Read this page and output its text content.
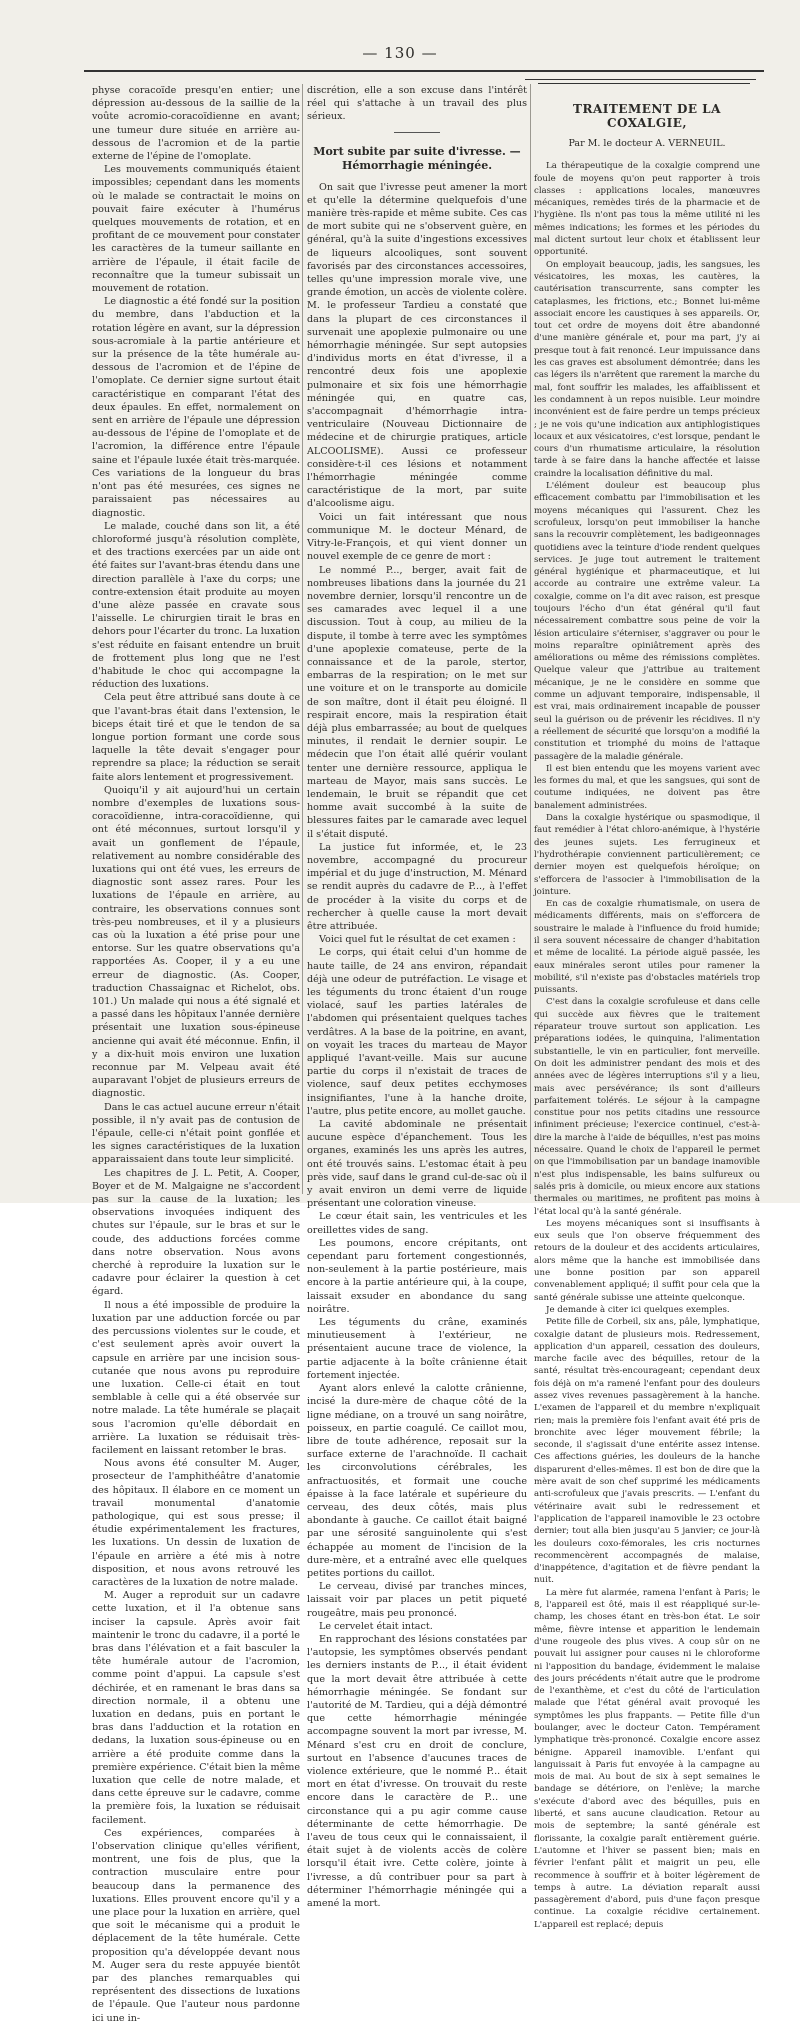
— 130 —

physe coracoïde presqu'en entier; une dépression au-dessous de la saillie de la voûte acromio-coracoïdienne en avant; une tumeur dure située en arrière au-dessous de l'acromion et de la partie externe de l'épine de l'omoplate.

Les mouvements communiqués étaient impossibles; cependant dans les moments où le malade se contractait le moins on pouvait faire exécuter à l'humérus quelques mouvements de rotation, et en profitant de ce mouvement pour constater les caractères de la tumeur saillante en arrière de l'épaule, il était facile de reconnaître que la tumeur subissait un mouvement de rotation.

Le diagnostic a été fondé sur la position du membre, dans l'abduction et la rotation légère en avant, sur la dépression sous-acromiale à la partie antérieure et sur la présence de la tête humérale au-dessous de l'acromion et de l'épine de l'omoplate. Ce dernier signe surtout était caractéristique en comparant l'état des deux épaules. En effet, normalement on sent en arrière de l'épaule une dépression au-dessous de l'épine de l'omoplate et de l'acromion, la différence entre l'épaule saine et l'épaule luxée était très-marquée. Ces variations de la longueur du bras n'ont pas été mesurées, ces signes ne paraissaient pas nécessaires au diagnostic.

Le malade, couché dans son lit, a été chloroformé jusqu'à résolution complète, et des tractions exercées par un aide ont été faites sur l'avant-bras étendu dans une direction parallèle à l'axe du corps; une contre-extension était produite au moyen d'une alèze passée en cravate sous l'aisselle. Le chirurgien tirait le bras en dehors pour l'écarter du tronc. La luxation s'est réduite en faisant entendre un bruit de frottement plus long que ne l'est d'habitude le choc qui accompagne la réduction des luxations.

Cela peut être attribué sans doute à ce que l'avant-bras était dans l'extension, le biceps était tiré et que le tendon de sa longue portion formant une corde sous laquelle la tête devait s'engager pour reprendre sa place; la réduction se serait faite alors lentement et progressivement.

Quoiqu'il y ait aujourd'hui un certain nombre d'exemples de luxations sous-coracoïdienne, intra-coracoïdienne, qui ont été méconnues, surtout lorsqu'il y avait un gonflement de l'épaule, relativement au nombre considérable des luxations qui ont été vues, les erreurs de diagnostic sont assez rares. Pour les luxations de l'épaule en arrière, au contraire, les observations connues sont très-peu nombreuses, et il y a plusieurs cas où la luxation a été prise pour une entorse. Sur les quatre observations qu'a rapportées As. Cooper, il y a eu une erreur de diagnostic. (As. Cooper, traduction Chassaignac et Richelot, obs. 101.) Un malade qui nous a été signalé et a passé dans les hôpitaux l'année dernière présentait une luxation sous-épineuse ancienne qui avait été méconnue. Enfin, il y a dix-huit mois environ une luxation reconnue par M. Velpeau avait été auparavant l'objet de plusieurs erreurs de diagnostic.

Dans le cas actuel aucune erreur n'était possible, il n'y avait pas de contusion de l'épaule, celle-ci n'était point gonflée et les signes caractéristiques de la luxation apparaissaient dans toute leur simplicité.

Les chapitres de J. L. Petit, A. Cooper, Boyer et de M. Malgaigne ne s'accordent pas sur la cause de la luxation; les observations invoquées indiquent des chutes sur l'épaule, sur le bras et sur le coude, des adductions forcées comme dans notre observation. Nous avons cherché à reproduire la luxation sur le cadavre pour éclairer la question à cet égard.

Il nous a été impossible de produire la luxation par une adduction forcée ou par des percussions violentes sur le coude, et c'est seulement après avoir ouvert la capsule en arrière par une incision sous-cutanée que nous avons pu reproduire une luxation. Celle-ci était en tout semblable à celle qui a été observée sur notre malade. La tête humérale se plaçait sous l'acromion qu'elle débordait en arrière. La luxation se réduisait très-facilement en laissant retomber le bras.

Nous avons été consulter M. Auger, prosecteur de l'amphithéâtre d'anatomie des hôpitaux. Il élabore en ce moment un travail monumental d'anatomie pathologique, qui est sous presse; il étudie expérimentalement les fractures, les luxations. Un dessin de luxation de l'épaule en arrière a été mis à notre disposition, et nous avons retrouvé les caractères de la luxation de notre malade.

M. Auger a reproduit sur un cadavre cette luxation, et il l'a obtenue sans inciser la capsule. Après avoir fait maintenir le tronc du cadavre, il a porté le bras dans l'élévation et a fait basculer la tête humérale autour de l'acromion, comme point d'appui. La capsule s'est déchirée, et en ramenant le bras dans sa direction normale, il a obtenu une luxation en dedans, puis en portant le bras dans l'adduction et la rotation en dedans, la luxation sous-épineuse ou en arrière a été produite comme dans la première expérience. C'était bien la même luxation que celle de notre malade, et dans cette épreuve sur le cadavre, comme la première fois, la luxation se réduisait facilement.

Ces expériences, comparées à l'observation clinique qu'elles vérifient, montrent, une fois de plus, que la contraction musculaire entre pour beaucoup dans la permanence des luxations. Elles prouvent encore qu'il y a une place pour la luxation en arrière, quel que soit le mécanisme qui a produit le déplacement de la tête humérale. Cette proposition qu'a développée devant nous M. Auger sera du reste appuyée bientôt par des planches remarquables qui représentent des dissections de luxations de l'épaule. Que l'auteur nous pardonne ici une in-

discrétion, elle a son excuse dans l'intérêt réel qui s'attache à un travail des plus sérieux.

Mort subite par suite d'ivresse. — Hémorrhagie méningée.

On sait que l'ivresse peut amener la mort et qu'elle la détermine quelquefois d'une manière très-rapide et même subite. Ces cas de mort subite qui ne s'observent guère, en général, qu'à la suite d'ingestions excessives de liqueurs alcooliques, sont souvent favorisés par des circonstances accessoires, telles qu'une impression morale vive, une grande émotion, un accès de violente colère. M. le professeur Tardieu a constaté que dans la plupart de ces circonstances il survenait une apoplexie pulmonaire ou une hémorrhagie méningée. Sur sept autopsies d'individus morts en état d'ivresse, il a rencontré deux fois une apoplexie pulmonaire et six fois une hémorrhagie méningée qui, en quatre cas, s'accompagnait d'hémorrhagie intra-ventriculaire (Nouveau Dictionnaire de médecine et de chirurgie pratiques, article ALCOOLISME). Aussi ce professeur considère-t-il ces lésions et notamment l'hémorrhagie méningée comme caractéristique de la mort, par suite d'alcoolisme aigu.

Voici un fait intéressant que nous communique M. le docteur Ménard, de Vitry-le-François, et qui vient donner un nouvel exemple de ce genre de mort :

Le nommé P..., berger, avait fait de nombreuses libations dans la journée du 21 novembre dernier, lorsqu'il rencontre un de ses camarades avec lequel il a une discussion. Tout à coup, au milieu de la dispute, il tombe à terre avec les symptômes d'une apoplexie comateuse, perte de la connaissance et de la parole, stertor, embarras de la respiration; on le met sur une voiture et on le transporte au domicile de son maître, dont il était peu éloigné. Il respirait encore, mais la respiration était déjà plus embarrassée; au bout de quelques minutes, il rendait le dernier soupir. Le médecin que l'on était allé quérir voulant tenter une dernière ressource, appliqua le marteau de Mayor, mais sans succès. Le lendemain, le bruit se répandit que cet homme avait succombé à la suite de blessures faites par le camarade avec lequel il s'était disputé.

La justice fut informée, et, le 23 novembre, accompagné du procureur impérial et du juge d'instruction, M. Ménard se rendit auprès du cadavre de P..., à l'effet de procéder à la visite du corps et de rechercher à quelle cause la mort devait être attribuée.

Voici quel fut le résultat de cet examen :

Le corps, qui était celui d'un homme de haute taille, de 24 ans environ, répandait déjà une odeur de putréfaction. Le visage et les téguments du tronc étaient d'un rouge violacé, sauf les parties latérales de l'abdomen qui présentaient quelques taches verdâtres. A la base de la poitrine, en avant, on voyait les traces du marteau de Mayor appliqué l'avant-veille. Mais sur aucune partie du corps il n'existait de traces de violence, sauf deux petites ecchymoses insignifiantes, l'une à la hanche droite, l'autre, plus petite encore, au mollet gauche.

La cavité abdominale ne présentait aucune espèce d'épanchement. Tous les organes, examinés les uns après les autres, ont été trouvés sains. L'estomac était à peu près vide, sauf dans le grand cul-de-sac où il y avait environ un demi verre de liquide présentant une coloration vineuse.

Le cœur était sain, les ventricules et les oreillettes vides de sang.

Les poumons, encore crépitants, ont cependant paru fortement congestionnés, non-seulement à la partie postérieure, mais encore à la partie antérieure qui, à la coupe, laissait exsuder en abondance du sang noirâtre.

Les téguments du crâne, examinés minutieusement à l'extérieur, ne présentaient aucune trace de violence, la partie adjacente à la boîte crânienne était fortement injectée.

Ayant alors enlevé la calotte crânienne, incisé la dure-mère de chaque côté de la ligne médiane, on a trouvé un sang noirâtre, poisseux, en partie coagulé. Ce caillot mou, libre de toute adhérence, reposait sur la surface externe de l'arachnoïde. Il cachait les circonvolutions cérébrales, les anfractuosités, et formait une couche épaisse à la face latérale et supérieure du cerveau, des deux côtés, mais plus abondante à gauche. Ce caillot était baigné par une sérosité sanguinolente qui s'est échappée au moment de l'incision de la dure-mère, et a entraîné avec elle quelques petites portions du caillot.

Le cerveau, divisé par tranches minces, laissait voir par places un petit piqueté rougeâtre, mais peu prononcé.

Le cervelet était intact.

En rapprochant des lésions constatées par l'autopsie, les symptômes observés pendant les derniers instants de P..., il était évident que la mort devait être attribuée à cette hémorrhagie méningée. Se fondant sur l'autorité de M. Tardieu, qui a déjà démontré que cette hémorrhagie méningée accompagne souvent la mort par ivresse, M. Ménard s'est cru en droit de conclure, surtout en l'absence d'aucunes traces de violence extérieure, que le nommé P... était mort en état d'ivresse. On trouvait du reste encore dans le caractère de P... une circonstance qui a pu agir comme cause déterminante de cette hémorrhagie. De l'aveu de tous ceux qui le connaissaient, il était sujet à de violents accès de colère lorsqu'il était ivre. Cette colère, jointe à l'ivresse, a dû contribuer pour sa part à déterminer l'hémorrhagie méningée qui a amené la mort.

TRAITEMENT DE LA COXALGIE,
Par M. le docteur A. VERNEUIL.

La thérapeutique de la coxalgie comprend une foule de moyens qu'on peut rapporter à trois classes : applications locales, manœuvres mécaniques, remèdes tirés de la pharmacie et de l'hygiène. Ils n'ont pas tous la même utilité ni les mêmes indications; les formes et les périodes du mal dictent surtout leur choix et établissent leur opportunité.

On employait beaucoup, jadis, les sangsues, les vésicatoires, les moxas, les cautères, la cautérisation transcurrente, sans compter les cataplasmes, les frictions, etc.; Bonnet lui-même associait encore les caustiques à ses appareils. Or, tout cet ordre de moyens doit être abandonné d'une manière générale et, pour ma part, j'y ai presque tout à fait renoncé. Leur impuissance dans les cas graves est absolument démontrée; dans les cas légers ils n'arrêtent que rarement la marche du mal, font souffrir les malades, les affaiblissent et les condamnent à un repos nuisible. Leur moindre inconvénient est de faire perdre un temps précieux ; je ne vois qu'une indication aux antiphlogistiques locaux et aux vésicatoires, c'est lorsque, pendant le cours d'un rhumatisme articulaire, la résolution tarde à se faire dans la hanche affectée et laisse craindre la localisation définitive du mal.

L'élément douleur est beaucoup plus efficacement combattu par l'immobilisation et les moyens mécaniques qui l'assurent. Chez les scrofuleux, lorsqu'on peut immobiliser la hanche sans la recouvrir complètement, les badigeonnages quotidiens avec la teinture d'iode rendent quelques services. Je juge tout autrement le traitement général hygiénique et pharmaceutique, et lui accorde au contraire une extrême valeur. La coxalgie, comme on l'a dit avec raison, est presque toujours l'écho d'un état général qu'il faut nécessairement combattre sous peine de voir la lésion articulaire s'éterniser, s'aggraver ou pour le moins reparaître opiniâtrement après des améliorations ou même des rémissions complètes. Quelque valeur que j'attribue au traitement mécanique, je ne le considère en somme que comme un adjuvant temporaire, indispensable, il est vrai, mais ordinairement incapable de pousser seul la guérison ou de prévenir les récidives. Il n'y a réellement de sécurité que lorsqu'on a modifié la constitution et triomphé du moins de l'attaque passagère de la maladie générale.

Il est bien entendu que les moyens varient avec les formes du mal, et que les sangsues, qui sont de coutume indiquées, ne doivent pas être banalement administrées.

Dans la coxalgie hystérique ou spasmodique, il faut remédier à l'état chloro-anémique, à l'hystérie des jeunes sujets. Les ferrugineux et l'hydrothérapie conviennent particulièrement; ce dernier moyen est quelquefois héroïque; on s'efforcera de l'associer à l'immobilisation de la jointure.

En cas de coxalgie rhumatismale, on usera de médicaments différents, mais on s'efforcera de soustraire le malade à l'influence du froid humide; il sera souvent nécessaire de changer d'habitation et même de localité. La période aiguë passée, les eaux minérales seront utiles pour ramener la mobilité, s'il n'existe pas d'obstacles matériels trop puissants.

C'est dans la coxalgie scrofuleuse et dans celle qui succède aux fièvres que le traitement réparateur trouve surtout son application. Les préparations iodées, le quinquina, l'alimentation substantielle, le vin en particulier, font merveille. On doit les administrer pendant des mois et des années avec de légères interruptions s'il y a lieu, mais avec persévérance; ils sont d'ailleurs parfaitement tolérés. Le séjour à la campagne constitue pour nos petits citadins une ressource infiniment précieuse; l'exercice continuel, c'est-à-dire la marche à l'aide de béquilles, n'est pas moins nécessaire. Quand le choix de l'appareil le permet on que l'immobilisation par un bandage inamovible n'est plus indispensable, les bains sulfureux ou salés pris à domicile, ou mieux encore aux stations thermales ou maritimes, ne profitent pas moins à l'état local qu'à la santé générale.

Les moyens mécaniques sont si insuffisants à eux seuls que l'on observe fréquemment des retours de la douleur et des accidents articulaires, alors même que la hanche est immobilisée dans une bonne position par son appareil convenablement appliqué; il suffit pour cela que la santé générale subisse une atteinte quelconque.

Je demande à citer ici quelques exemples.

Petite fille de Corbeil, six ans, pâle, lymphatique, coxalgie datant de plusieurs mois. Redressement, application d'un appareil, cessation des douleurs, marche facile avec des béquilles, retour de la santé, résultat très-encourageant; cependant deux fois déjà on m'a ramené l'enfant pour des douleurs assez vives revenues passagèrement à la hanche. L'examen de l'appareil et du membre n'expliquait rien; mais la première fois l'enfant avait été pris de bronchite avec léger mouvement fébrile; la seconde, il s'agissait d'une entérite assez intense. Ces affections guéries, les douleurs de la hanche disparurent d'elles-mêmes. Il est bon de dire que la mère avait de son chef supprimé les médicaments anti-scrofuleux que j'avais prescrits. — L'enfant du vétérinaire avait subi le redressement et l'application de l'appareil inamovible le 23 octobre dernier; tout alla bien jusqu'au 5 janvier; ce jour-là les douleurs coxo-fémorales, les cris nocturnes recommencèrent accompagnés de malaise, d'inappétence, d'agitation et de fièvre pendant la nuit.

La mère fut alarmée, ramena l'enfant à Paris; le 8, l'appareil est ôté, mais il est réappliqué sur-le-champ, les choses étant en très-bon état. Le soir même, fièvre intense et apparition le lendemain d'une rougeole des plus vives. A coup sûr on ne pouvait lui assigner pour causes ni le chloroforme ni l'apposition du bandage, évidemment le malaise des jours précédents n'était autre que le prodrome de l'exanthème, et c'est du côté de l'articulation malade que l'état général avait provoqué les symptômes les plus frappants. — Petite fille d'un boulanger, avec le docteur Caton. Tempérament lymphatique très-prononcé. Coxalgie encore assez bénigne. Appareil inamovible. L'enfant qui languissait à Paris fut envoyée à la campagne au mois de mai. Au bout de six à sept semaines le bandage se détériore, on l'enlève; la marche s'exécute d'abord avec des béquilles, puis en liberté, et sans aucune claudication. Retour au mois de septembre; la santé générale est florissante, la coxalgie paraît entièrement guérie. L'automne et l'hiver se passent bien; mais en février l'enfant pâlit et maigrit un peu, elle recommence à souffrir et à boiter légèrement de temps à autre. La déviation reparaît aussi passagèrement d'abord, puis d'une façon presque continue. La coxalgie récidive certainement. L'appareil est replacé; depuis
